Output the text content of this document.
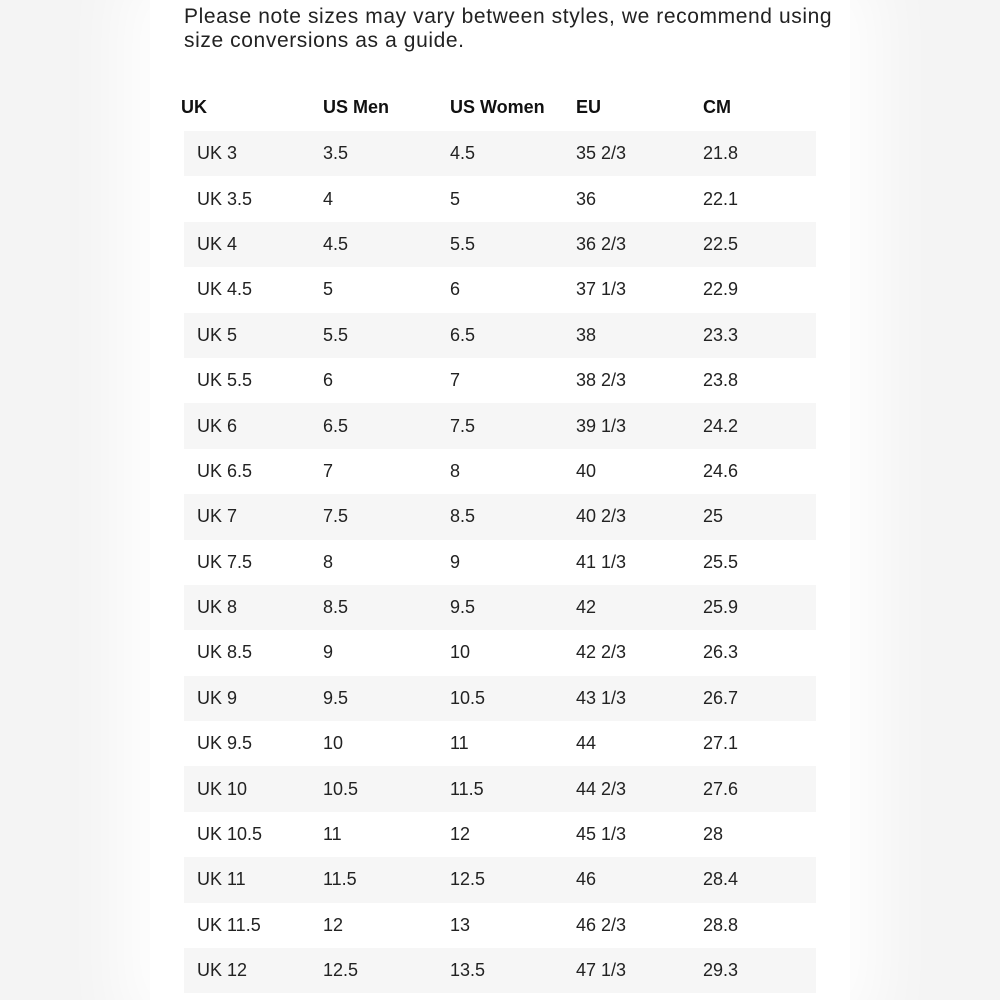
Please note sizes may vary between styles, we recommend using size conversions as a guide.

UK	US Men	US Women	EU	CM
UK 3	3.5	4.5	35 2/3	21.8
UK 3.5	4	5	36	22.1
UK 4	4.5	5.5	36 2/3	22.5
UK 4.5	5	6	37 1/3	22.9
UK 5	5.5	6.5	38	23.3
UK 5.5	6	7	38 2/3	23.8
UK 6	6.5	7.5	39 1/3	24.2
UK 6.5	7	8	40	24.6
UK 7	7.5	8.5	40 2/3	25
UK 7.5	8	9	41 1/3	25.5
UK 8	8.5	9.5	42	25.9
UK 8.5	9	10	42 2/3	26.3
UK 9	9.5	10.5	43 1/3	26.7
UK 9.5	10	11	44	27.1
UK 10	10.5	11.5	44 2/3	27.6
UK 10.5	11	12	45 1/3	28
UK 11	11.5	12.5	46	28.4
UK 11.5	12	13	46 2/3	28.8
UK 12	12.5	13.5	47 1/3	29.3
